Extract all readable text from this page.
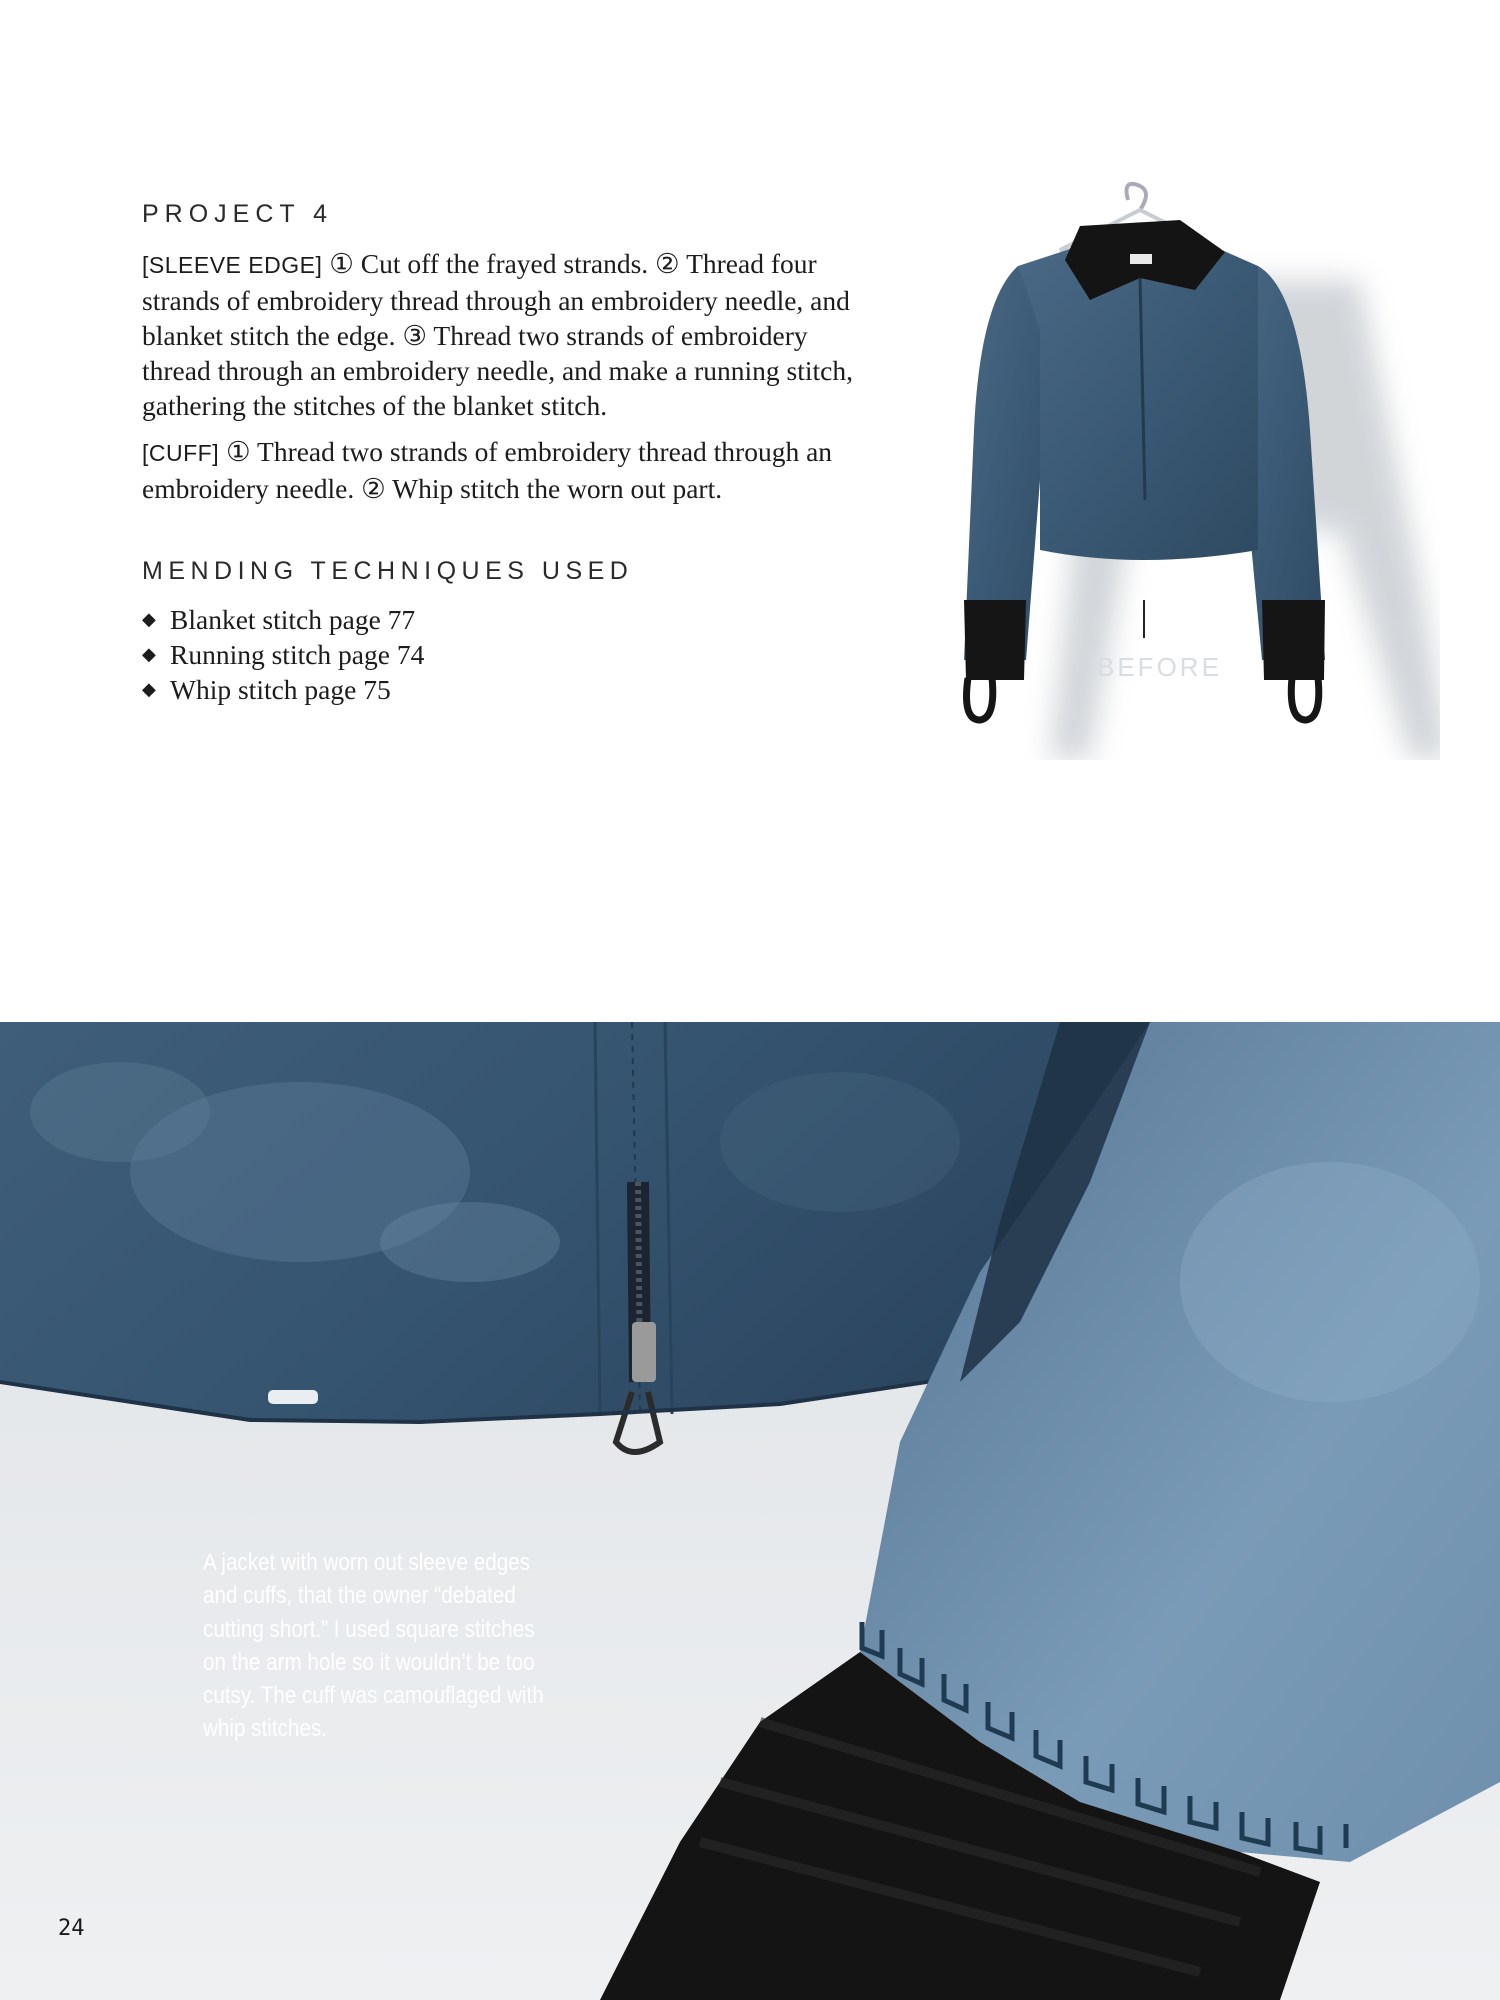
PROJECT 4

[SLEEVE EDGE] ① Cut off the frayed strands. ② Thread four strands of embroidery thread through an embroidery needle, and blanket stitch the edge. ③ Thread two strands of embroidery thread through an embroidery needle, and make a running stitch, gathering the stitches of the blanket stitch.

[CUFF] ① Thread two strands of embroidery thread through an embroidery needle. ② Whip stitch the worn out part.

MENDING TECHNIQUES USED
◆ Blanket stitch page 77
◆ Running stitch page 74
◆ Whip stitch page 75
BEFORE

A jacket with worn out sleeve edges and cuffs, that the owner “debated cutting short.” I used square stitches on the arm hole so it wouldn’t be too cutsy. The cuff was camouflaged with whip stitches.

24
